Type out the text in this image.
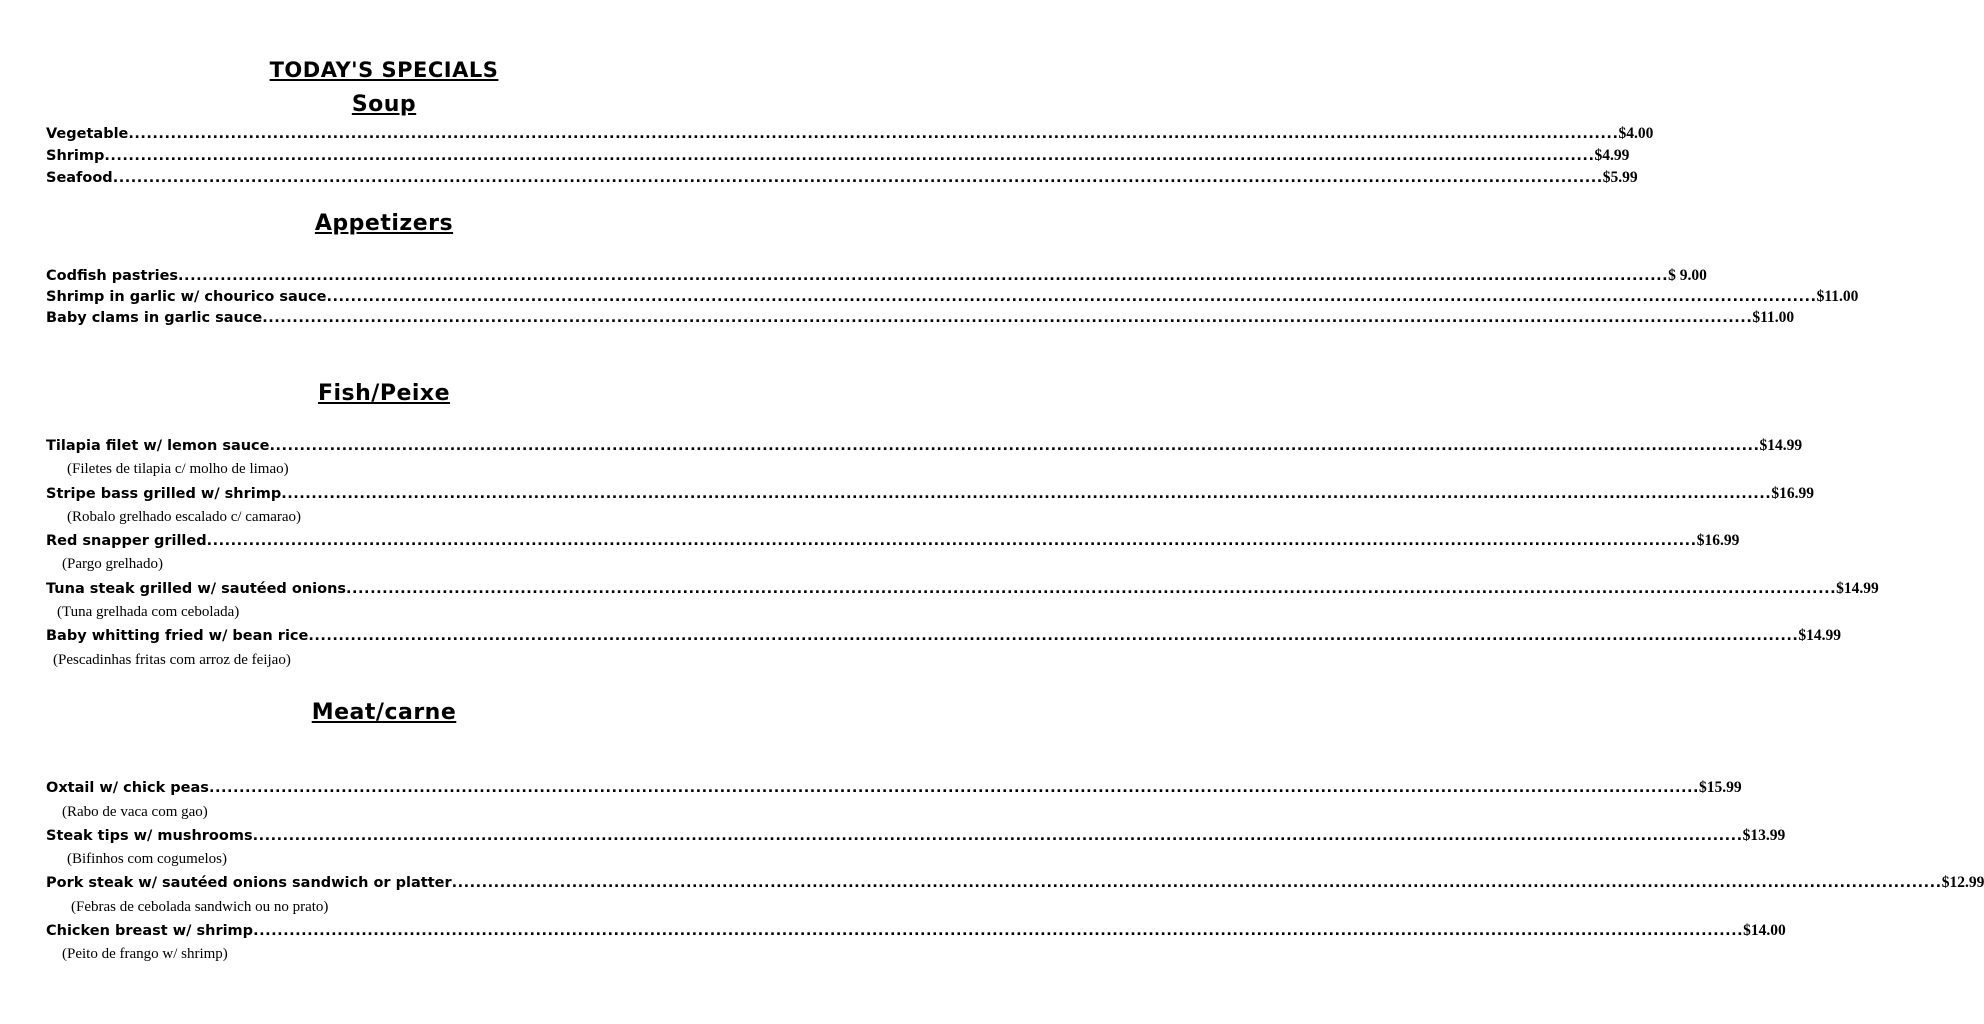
TODAY'S SPECIALS
Soup
Vegetable ........................................................................................................................................................................................................................................................ $4.00
Shrimp ........................................................................................................................................................................................................................................................ $4.99
Seafood ........................................................................................................................................................................................................................................................ $5.99
Appetizers
Codfish pastries ........................................................................................................................................................................................................................................................ $ 9.00
Shrimp in garlic w/ chourico sauce ........................................................................................................................................................................................................................................................ $11.00
Baby clams in garlic sauce ........................................................................................................................................................................................................................................................ $11.00
Fish/Peixe
Tilapia filet w/ lemon sauce ........................................................................................................................................................................................................................................................ $14.99
(Filetes de tilapia c/ molho de limao)
Stripe bass grilled w/ shrimp ........................................................................................................................................................................................................................................................ $16.99
(Robalo grelhado escalado c/ camarao)
Red snapper grilled ........................................................................................................................................................................................................................................................ $16.99
(Pargo grelhado)
Tuna steak grilled w/ sautéed onions ........................................................................................................................................................................................................................................................ $14.99
(Tuna grelhada com cebolada)
Baby whitting fried w/ bean rice ........................................................................................................................................................................................................................................................ $14.99
(Pescadinhas fritas com arroz de feijao)
Meat/carne
Oxtail w/ chick peas ........................................................................................................................................................................................................................................................ $15.99
(Rabo de vaca com gao)
Steak tips w/ mushrooms ........................................................................................................................................................................................................................................................ $13.99
(Bifinhos com cogumelos)
Pork steak w/ sautéed onions sandwich or platter ........................................................................................................................................................................................................................................................ $12.99
(Febras de cebolada sandwich ou no prato)
Chicken breast w/ shrimp ........................................................................................................................................................................................................................................................ $14.00
(Peito de frango w/ shrimp)
